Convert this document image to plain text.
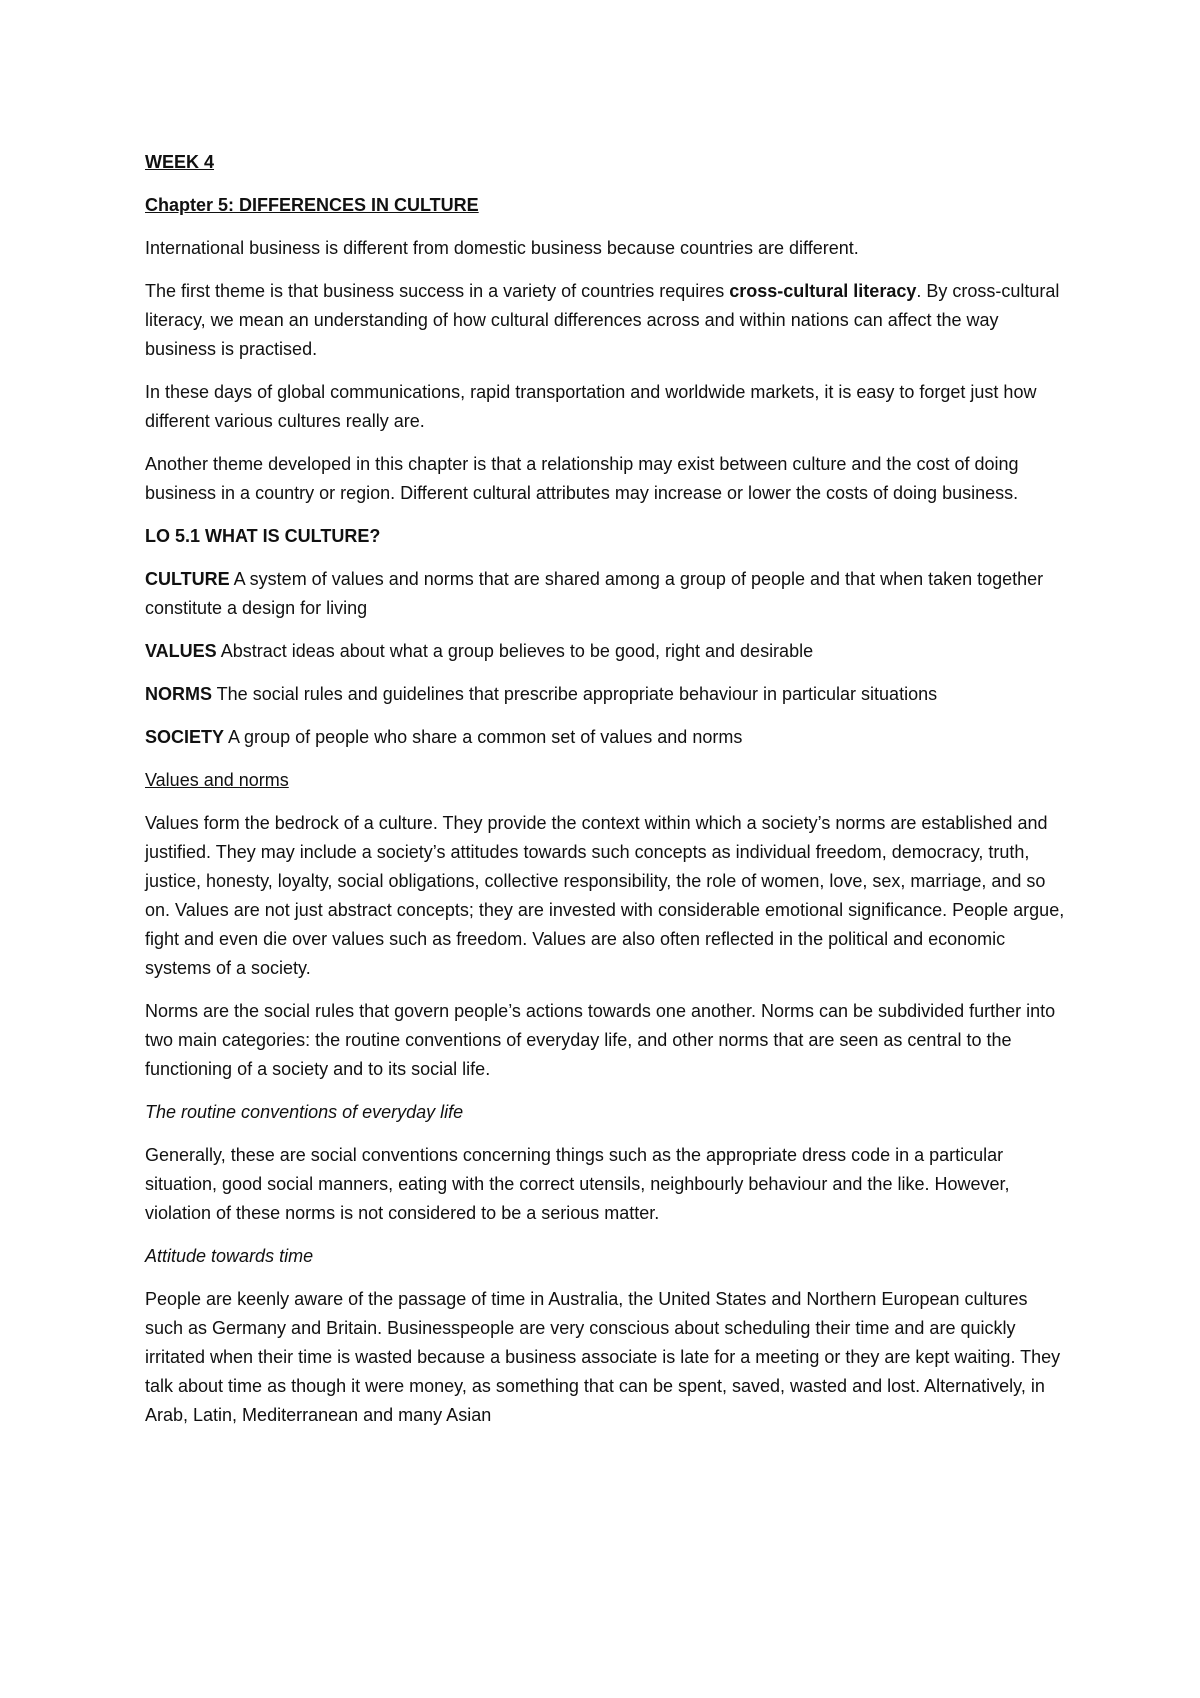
WEEK 4

Chapter 5: DIFFERENCES IN CULTURE

International business is different from domestic business because countries are different.

The first theme is that business success in a variety of countries requires cross-cultural literacy. By cross-cultural literacy, we mean an understanding of how cultural differences across and within nations can affect the way business is practised.

In these days of global communications, rapid transportation and worldwide markets, it is easy to forget just how different various cultures really are.

Another theme developed in this chapter is that a relationship may exist between culture and the cost of doing business in a country or region. Different cultural attributes may increase or lower the costs of doing business.

LO 5.1 WHAT IS CULTURE?

CULTURE A system of values and norms that are shared among a group of people and that when taken together constitute a design for living

VALUES Abstract ideas about what a group believes to be good, right and desirable

NORMS The social rules and guidelines that prescribe appropriate behaviour in particular situations

SOCIETY A group of people who share a common set of values and norms

Values and norms

Values form the bedrock of a culture. They provide the context within which a society’s norms are established and justified. They may include a society’s attitudes towards such concepts as individual freedom, democracy, truth, justice, honesty, loyalty, social obligations, collective responsibility, the role of women, love, sex, marriage, and so on. Values are not just abstract concepts; they are invested with considerable emotional significance. People argue, fight and even die over values such as freedom. Values are also often reflected in the political and economic systems of a society.

Norms are the social rules that govern people’s actions towards one another. Norms can be subdivided further into two main categories: the routine conventions of everyday life, and other norms that are seen as central to the functioning of a society and to its social life.

The routine conventions of everyday life

Generally, these are social conventions concerning things such as the appropriate dress code in a particular situation, good social manners, eating with the correct utensils, neighbourly behaviour and the like. However, violation of these norms is not considered to be a serious matter.

Attitude towards time

People are keenly aware of the passage of time in Australia, the United States and Northern European cultures such as Germany and Britain. Businesspeople are very conscious about scheduling their time and are quickly irritated when their time is wasted because a business associate is late for a meeting or they are kept waiting. They talk about time as though it were money, as something that can be spent, saved, wasted and lost. Alternatively, in Arab, Latin, Mediterranean and many Asian
